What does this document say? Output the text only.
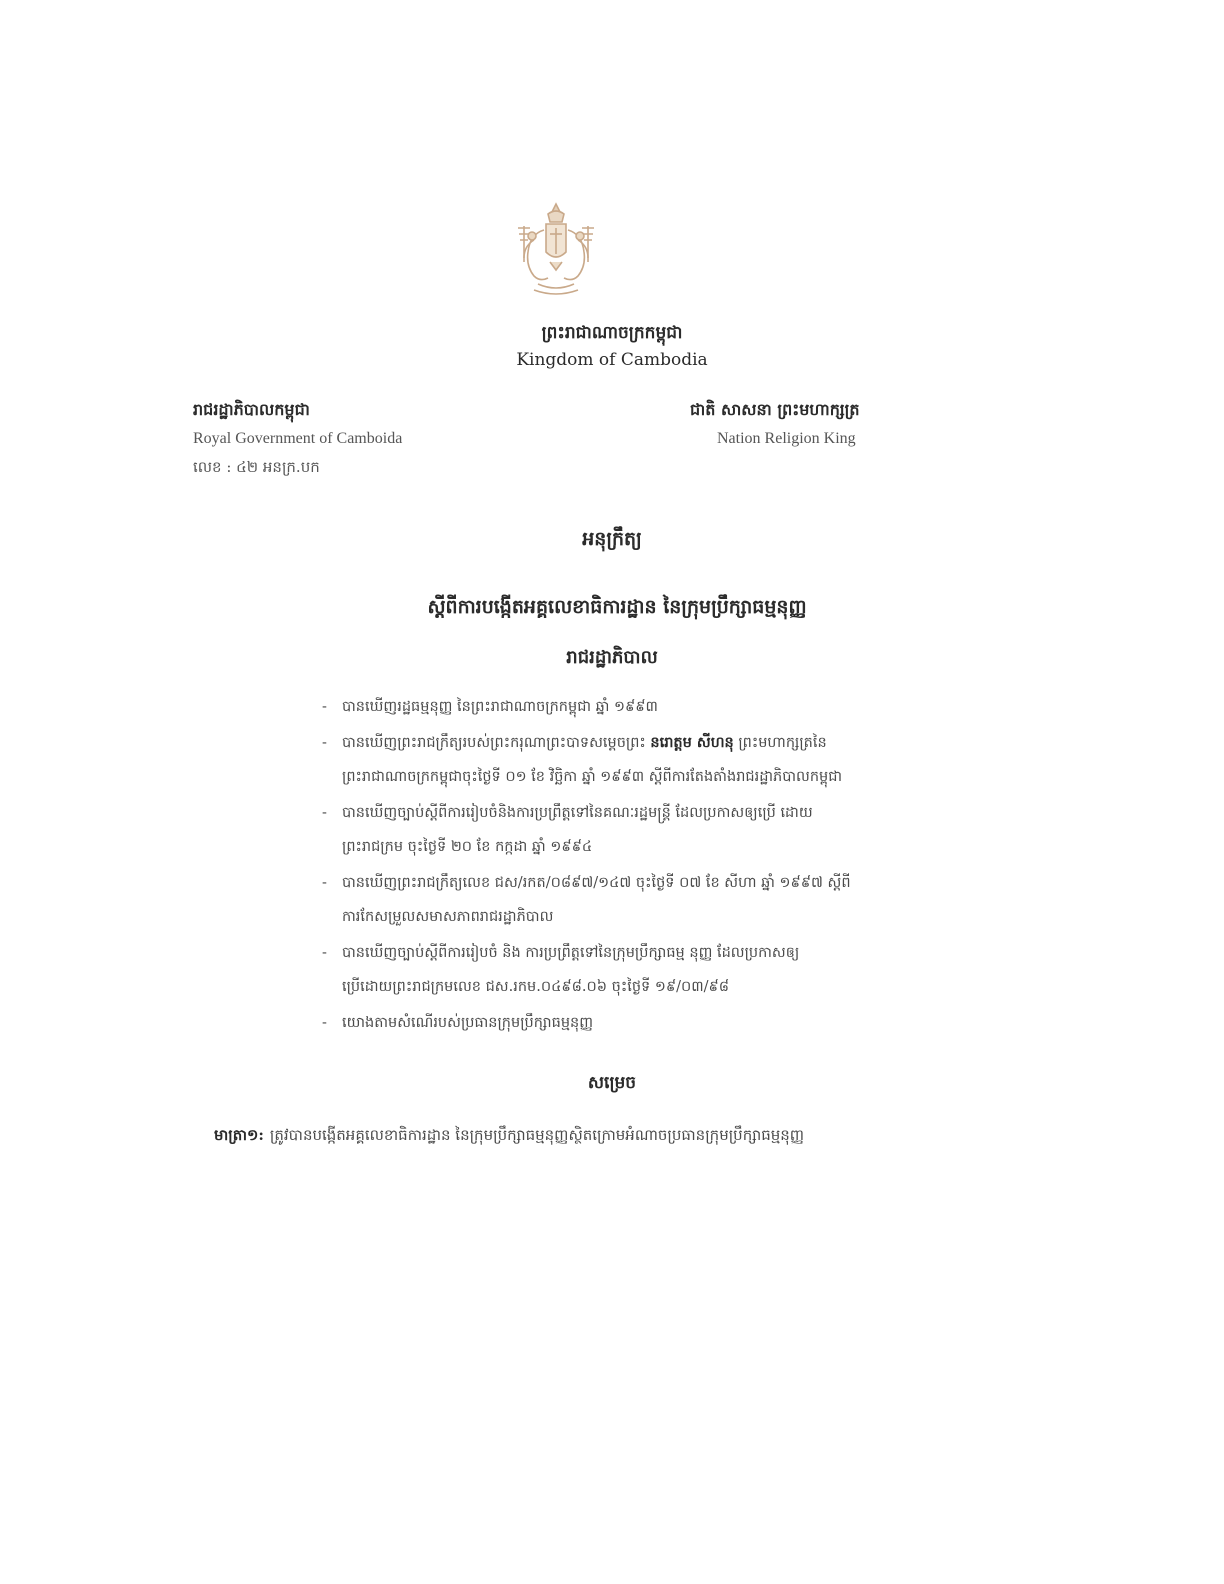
ព្រះរាជាណាចក្រកម្ពុជា
Kingdom of Cambodia
រាជរដ្ឋាភិបាលកម្ពុជា
Royal Government of Camboida
លេខ : ៤២ អនក្រ.បក
ជាតិ សាសនា ព្រះមហាក្សត្រ
Nation Religion King
អនុក្រឹត្យ
ស្តីពីការបង្កើតអគ្គលេខាធិការដ្ឋាន នៃក្រុមប្រឹក្សាធម្មនុញ្ញ
រាជរដ្ឋាភិបាល
- បានឃើញរដ្ឋធម្មនុញ្ញ នៃព្រះរាជាណាចក្រកម្ពុជា ឆ្នាំ ១៩៩៣
- បានឃើញព្រះរាជក្រឹត្យរបស់ព្រះករុណាព្រះបាទសម្តេចព្រះ នរោត្តម សីហនុ ព្រះមហាក្សត្រនៃ
ព្រះរាជាណាចក្រកម្ពុជាចុះថ្ងៃទី ០១ ខែ វិច្ឆិកា ឆ្នាំ ១៩៩៣ ស្តីពីការតែងតាំងរាជរដ្ឋាភិបាលកម្ពុជា
- បានឃើញច្បាប់ស្តីពីការរៀបចំនិងការប្រព្រឹត្តទៅនៃគណៈរដ្ឋមន្ត្រី ដែលប្រកាសឲ្យប្រើ ដោយ
ព្រះរាជក្រម ចុះថ្ងៃទី ២០ ខែ កក្កដា ឆ្នាំ ១៩៩៤
- បានឃើញព្រះរាជក្រឹត្យលេខ ជស/រកត/០៨៩៧/១៤៧ ចុះថ្ងៃទី ០៧ ខែ សីហា ឆ្នាំ ១៩៩៧ ស្តីពី
ការកែសម្រួលសមាសភាពរាជរដ្ឋាភិបាល
- បានឃើញច្បាប់ស្តីពីការរៀបចំ និង ការប្រព្រឹត្តទៅនៃក្រុមប្រឹក្សាធម្ម នុញ្ញ ដែលប្រកាសឲ្យ
ប្រើដោយព្រះរាជក្រមលេខ ជស.រកម.០៤៩៨.០៦ ចុះថ្ងៃទី ១៩/០៣/៩៨
- យោងតាមសំណើរបស់ប្រធានក្រុមប្រឹក្សាធម្មនុញ្ញ
សម្រេច
មាត្រា១: ត្រូវបានបង្កើតអគ្គលេខាធិការដ្ឋាន នៃក្រុមប្រឹក្សាធម្មនុញ្ញស្ថិតក្រោមអំណាចប្រធានក្រុមប្រឹក្សាធម្មនុញ្ញ
